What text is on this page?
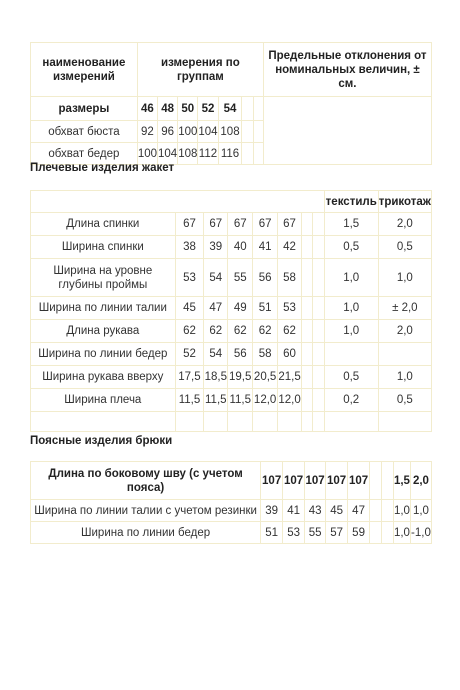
наименование измерений	измерения по группам							Предельные отклонения от номинальных величин, ± см.
размеры	46	48	50	52	54			
обхват бюста	92	96	100	104	108			
обхват бедер	100	104	108	112	116			
Плечевые изделия жакет
								текстиль	трикотаж
Длина спинки	67	67	67	67	67			1,5	2,0
Ширина спинки	38	39	40	41	42			0,5	0,5
Ширина на уровне глубины проймы	53	54	55	56	58			1,0	1,0
Ширина по линии талии	45	47	49	51	53			1,0	± 2,0
Длина рукава	62	62	62	62	62			1,0	2,0
Ширина по линии бедер	52	54	56	58	60				
Ширина рукава вверху	17,5	18,5	19,5	20,5	21,5			0,5	1,0
Ширина плеча	11,5	11,5	11,5	12,0	12,0			0,2	0,5

Поясные изделия брюки
Длина по боковому шву (с учетом пояса)	107	107	107	107	107			1,5	2,0
Ширина по линии талии с учетом резинки	39	41	43	45	47			1,0	1,0
Ширина по линии бедер	51	53	55	57	59			1,0	-1,0
